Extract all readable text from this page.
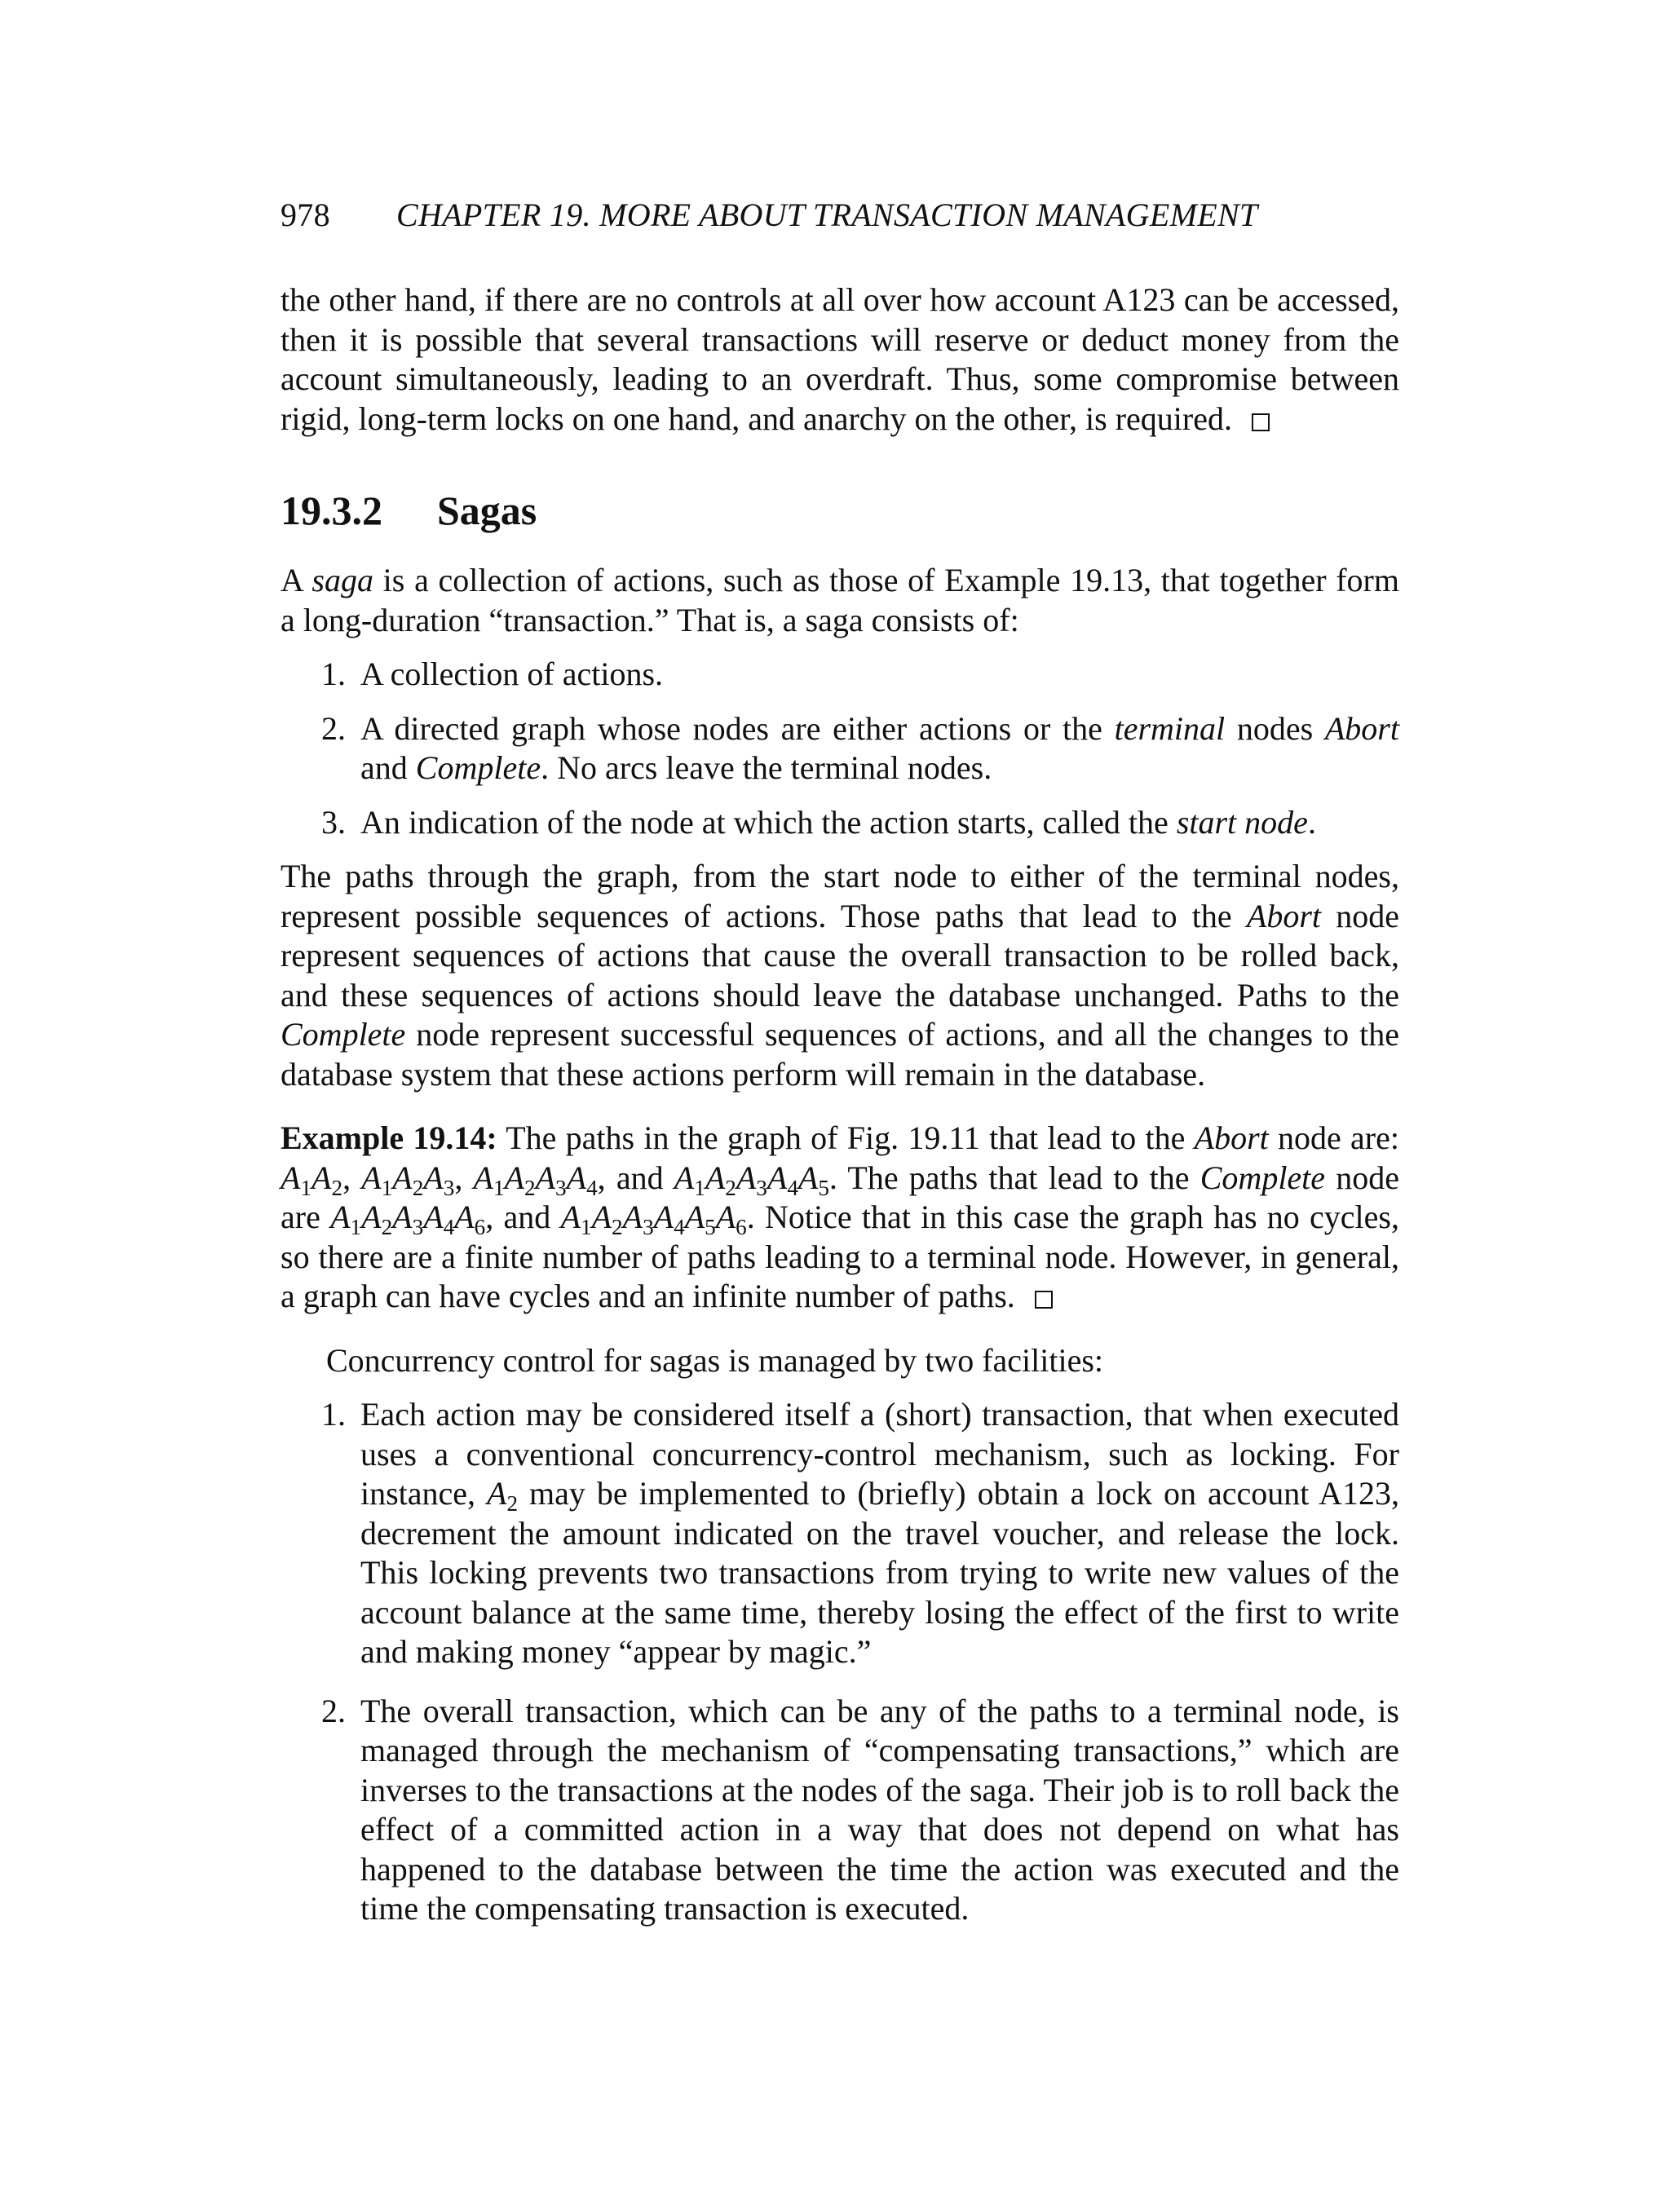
978	CHAPTER 19. MORE ABOUT TRANSACTION MANAGEMENT

the other hand, if there are no controls at all over how account A123 can be accessed, then it is possible that several transactions will reserve or deduct money from the account simultaneously, leading to an overdraft. Thus, some compromise between rigid, long-term locks on one hand, and anarchy on the other, is required.

19.3.2	Sagas

A saga is a collection of actions, such as those of Example 19.13, that together form a long-duration “transaction.” That is, a saga consists of:

1. A collection of actions.
2. A directed graph whose nodes are either actions or the terminal nodes Abort and Complete. No arcs leave the terminal nodes.
3. An indication of the node at which the action starts, called the start node.

The paths through the graph, from the start node to either of the terminal nodes, represent possible sequences of actions. Those paths that lead to the Abort node represent sequences of actions that cause the overall transaction to be rolled back, and these sequences of actions should leave the database unchanged. Paths to the Complete node represent successful sequences of actions, and all the changes to the database system that these actions perform will remain in the database.

Example 19.14: The paths in the graph of Fig. 19.11 that lead to the Abort node are: $A_1A_2$, $A_1A_2A_3$, $A_1A_2A_3A_4$, and $A_1A_2A_3A_4A_5$. The paths that lead to the Complete node are $A_1A_2A_3A_4A_6$, and $A_1A_2A_3A_4A_5A_6$. Notice that in this case the graph has no cycles, so there are a finite number of paths leading to a terminal node. However, in general, a graph can have cycles and an infinite number of paths.

Concurrency control for sagas is managed by two facilities:

1. Each action may be considered itself a (short) transaction, that when executed uses a conventional concurrency-control mechanism, such as locking. For instance, $A_2$ may be implemented to (briefly) obtain a lock on account A123, decrement the amount indicated on the travel voucher, and release the lock. This locking prevents two transactions from trying to write new values of the account balance at the same time, thereby losing the effect of the first to write and making money “appear by magic.”
2. The overall transaction, which can be any of the paths to a terminal node, is managed through the mechanism of “compensating transactions,” which are inverses to the transactions at the nodes of the saga. Their job is to roll back the effect of a committed action in a way that does not depend on what has happened to the database between the time the action was executed and the time the compensating transaction is executed.
